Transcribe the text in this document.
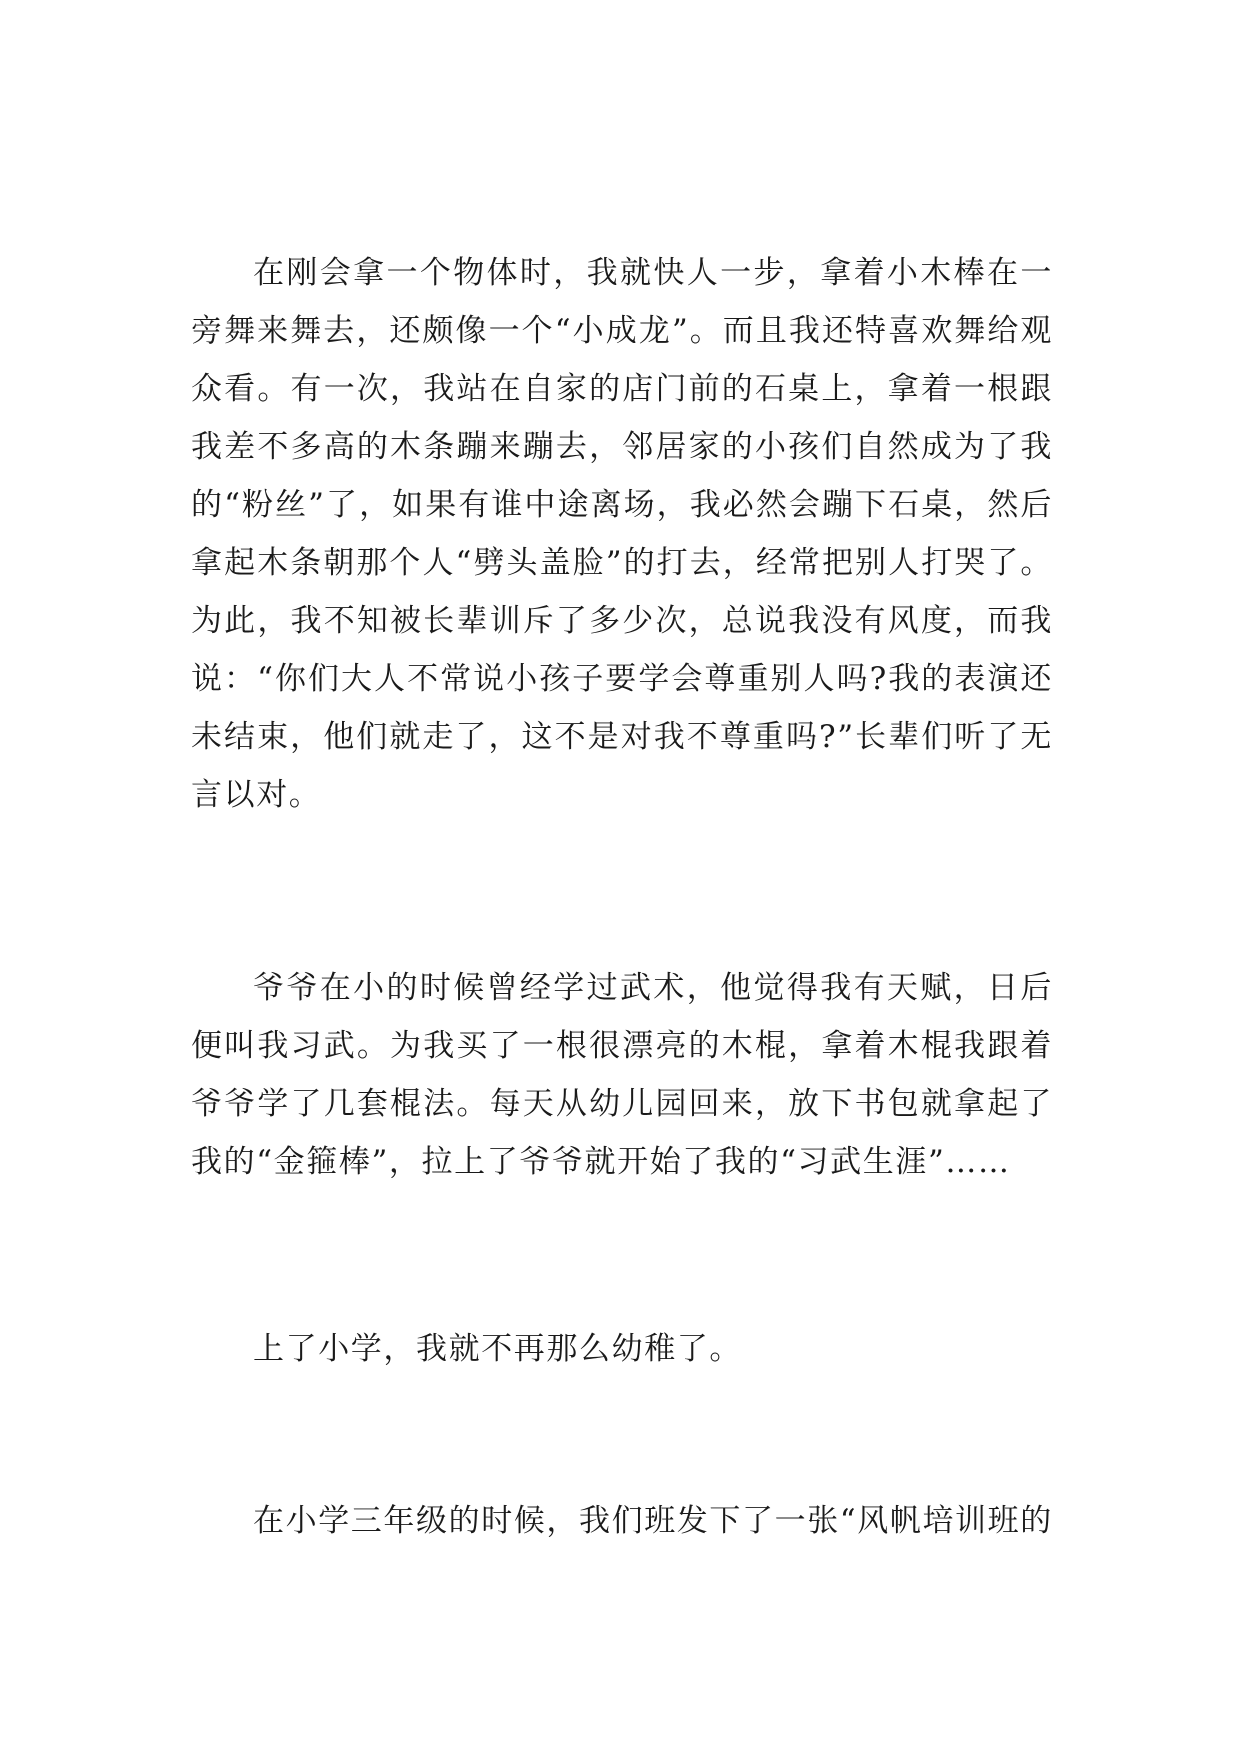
在刚会拿一个物体时，我就快人一步，拿着小木棒在一旁舞来舞去，还颇像一个“小成龙”。而且我还特喜欢舞给观众看。有一次，我站在自家的店门前的石桌上，拿着一根跟我差不多高的木条蹦来蹦去，邻居家的小孩们自然成为了我的“粉丝”了，如果有谁中途离场，我必然会蹦下石桌，然后拿起木条朝那个人“劈头盖脸”的打去，经常把别人打哭了。为此，我不知被长辈训斥了多少次，总说我没有风度，而我说：“你们大人不常说小孩子要学会尊重别人吗?我的表演还未结束，他们就走了，这不是对我不尊重吗?”长辈们听了无言以对。

爷爷在小的时候曾经学过武术，他觉得我有天赋，日后便叫我习武。为我买了一根很漂亮的木棍，拿着木棍我跟着爷爷学了几套棍法。每天从幼儿园回来，放下书包就拿起了我的“金箍棒”，拉上了爷爷就开始了我的“习武生涯”……

上了小学，我就不再那么幼稚了。

在小学三年级的时候，我们班发下了一张“风帆培训班的
